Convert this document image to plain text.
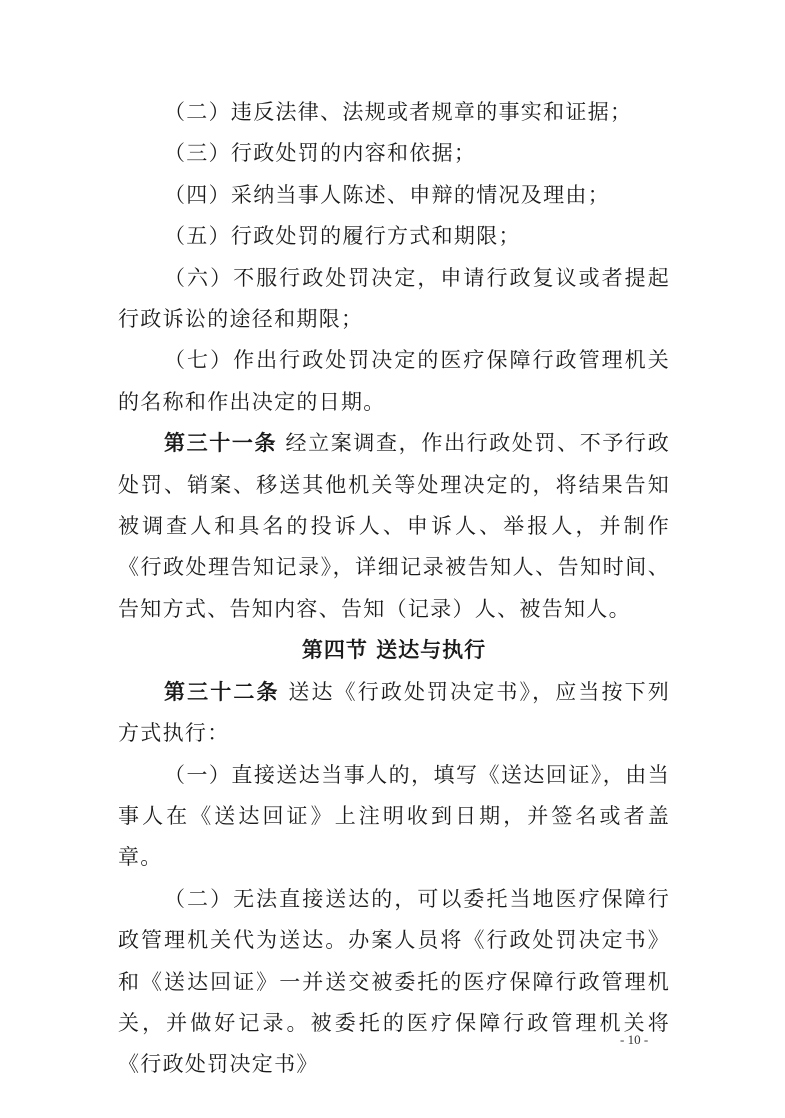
（二）违反法律、法规或者规章的事实和证据；

（三）行政处罚的内容和依据；

（四）采纳当事人陈述、申辩的情况及理由；

（五）行政处罚的履行方式和期限；

（六）不服行政处罚决定，申请行政复议或者提起行政诉讼的途径和期限；

（七）作出行政处罚决定的医疗保障行政管理机关的名称和作出决定的日期。

第三十一条 经立案调查，作出行政处罚、不予行政处罚、销案、移送其他机关等处理决定的，将结果告知被调查人和具名的投诉人、申诉人、举报人，并制作《行政处理告知记录》，详细记录被告知人、告知时间、告知方式、告知内容、告知（记录）人、被告知人。

第四节 送达与执行

第三十二条 送达《行政处罚决定书》，应当按下列方式执行：

（一）直接送达当事人的，填写《送达回证》，由当事人在《送达回证》上注明收到日期，并签名或者盖章。

（二）无法直接送达的，可以委托当地医疗保障行政管理机关代为送达。办案人员将《行政处罚决定书》和《送达回证》一并送交被委托的医疗保障行政管理机关，并做好记录。被委托的医疗保障行政管理机关将《行政处罚决定书》

- 10 -
